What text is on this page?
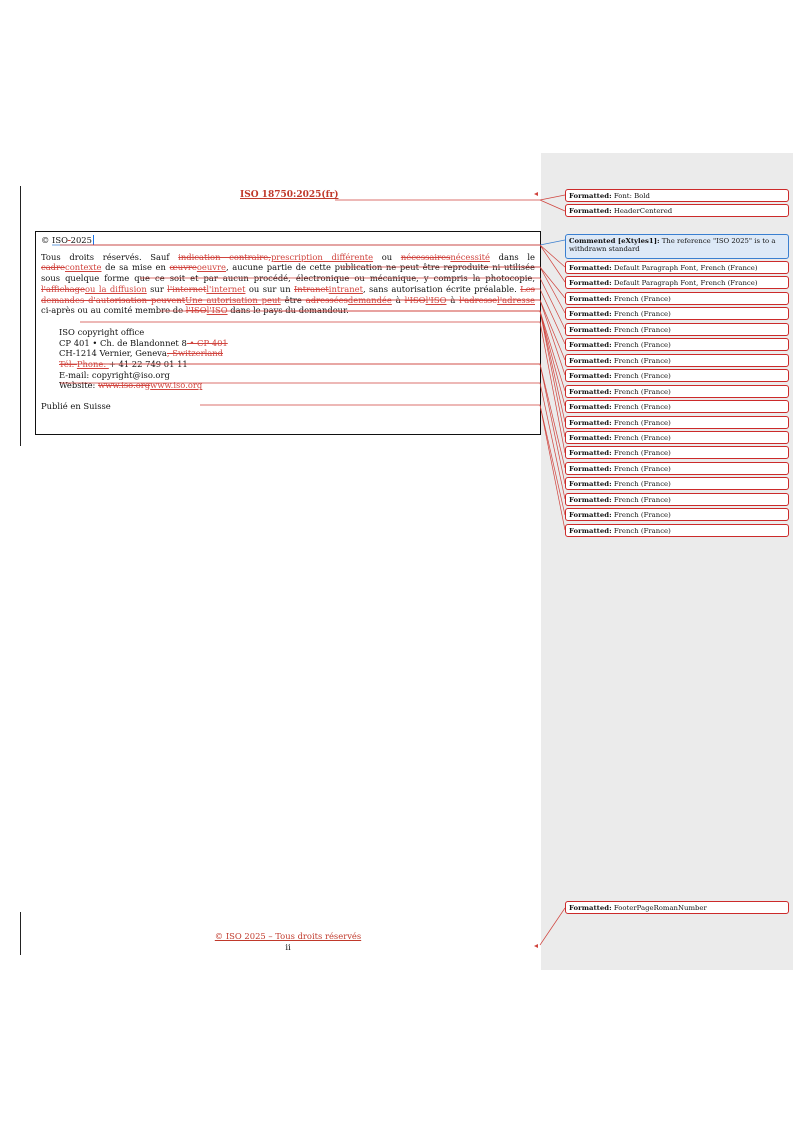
ISO 18750:2025(fr)
© ISO 2025

Tous droits réservés. Sauf indication contraire,prescription différente ou nécessairesnécessité dans le cadrecontexte de sa mise en œuvreoeuvre, aucune partie de cette publication ne peut être reproduite ni utilisée sous quelque forme que ce soit et par aucun procédé, électronique ou mécanique, y compris la photocopie, l'affichageou la diffusion sur l'internetl'internet ou sur un Intranetintranet, sans autorisation écrite préalable. Les demandes d'autorisation peuventUne autorisation peut être adresséesdemandée à l'ISOl'ISO à l'adressel'adresse ci-après ou au comité membre de l'ISOl'ISO dans le pays du demandeur.

ISO copyright office
CP 401 • Ch. de Blandonnet 8 • CP 401
CH-1214 Vernier, Geneva, Switzerland
Tél. Phone: + 41 22 749 01 11
E-mail: copyright@iso.org
Website: www.iso.orgwww.iso.org
Publié en Suisse
© ISO 2025 – Tous droits réservés
ii
Formatted: Font: Bold
Formatted: HeaderCentered
Commented [eXtyles1]: The reference "ISO 2025" is to a withdrawn standard
Formatted: Default Paragraph Font, French (France)
Formatted: Default Paragraph Font, French (France)
Formatted: French (France)
Formatted: French (France)
Formatted: French (France)
Formatted: French (France)
Formatted: French (France)
Formatted: French (France)
Formatted: French (France)
Formatted: French (France)
Formatted: French (France)
Formatted: French (France)
Formatted: French (France)
Formatted: French (France)
Formatted: French (France)
Formatted: French (France)
Formatted: French (France)
Formatted: French (France)
Formatted: FooterPageRomanNumber
